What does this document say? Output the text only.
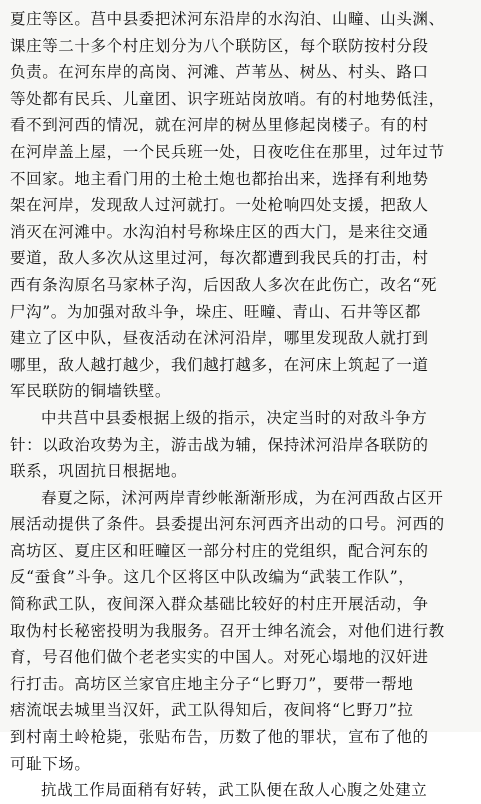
夏庄等区。莒中县委把沭河东沿岸的水沟泊、山疃、山头渊、
课庄等二十多个村庄划分为八个联防区，每个联防按村分段
负责。在河东岸的高岗、河滩、芦苇丛、树丛、村头、路口
等处都有民兵、儿童团、识字班站岗放哨。有的村地势低洼，
看不到河西的情况，就在河岸的树丛里修起岗楼子。有的村
在河岸盖上屋，一个民兵班一处，日夜吃住在那里，过年过节
不回家。地主看门用的土枪土炮也都抬出来，选择有利地势
架在河岸，发现敌人过河就打。一处枪响四处支援，把敌人
消灭在河滩中。水沟泊村号称垛庄区的西大门，是来往交通
要道，敌人多次从这里过河，每次都遭到我民兵的打击，村
西有条沟原名马家林子沟，后因敌人多次在此伤亡，改名“死
尸沟”。为加强对敌斗争，垛庄、旺疃、青山、石井等区都
建立了区中队，昼夜活动在沭河沿岸，哪里发现敌人就打到
哪里，敌人越打越少，我们越打越多，在河床上筑起了一道
军民联防的铜墙铁壁。
中共莒中县委根据上级的指示，决定当时的对敌斗争方
针：以政治攻势为主，游击战为辅，保持沭河沿岸各联防的
联系，巩固抗日根据地。
春夏之际，沭河两岸青纱帐渐渐形成，为在河西敌占区开
展活动提供了条件。县委提出河东河西齐出动的口号。河西的
高坊区、夏庄区和旺疃区一部分村庄的党组织，配合河东的
反“蚕食”斗争。这几个区将区中队改编为“武装工作队”，
简称武工队，夜间深入群众基础比较好的村庄开展活动，争
取伪村长秘密投明为我服务。召开士绅名流会，对他们进行教
育，号召他们做个老老实实的中国人。对死心塌地的汉奸进
行打击。高坊区兰家官庄地主分子“匕野刀”，要带一帮地
痞流氓去城里当汉奸，武工队得知后，夜间将“匕野刀”拉
到村南土岭枪毙，张贴布告，历数了他的罪状，宣布了他的
可耻下场。
抗战工作局面稍有好转，武工队便在敌人心腹之处建立
